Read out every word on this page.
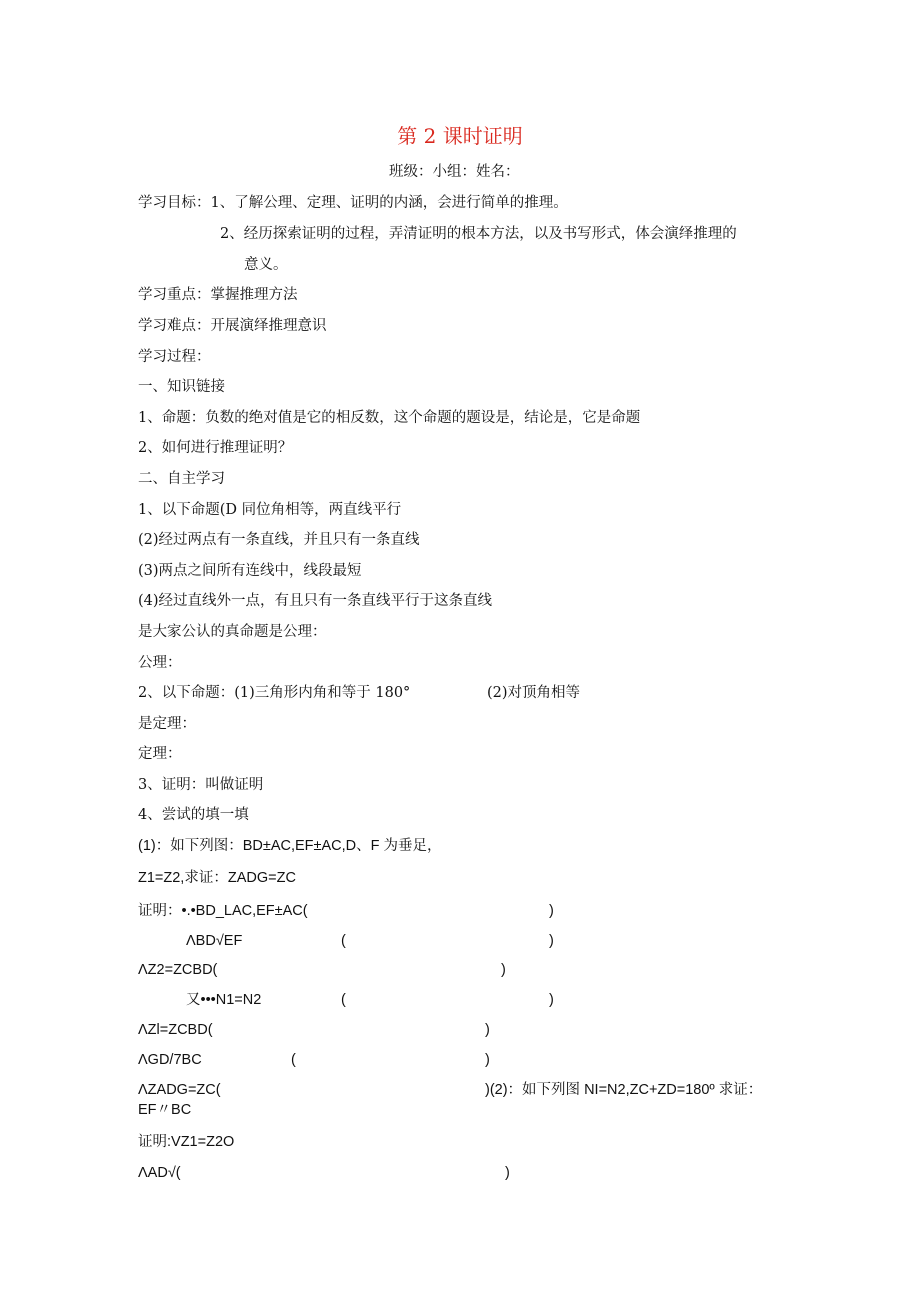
第 2 课时证明
班级：小组：姓名：
学习目标：1、了解公理、定理、证明的内涵，会进行简单的推理。
2、经历探索证明的过程，弄清证明的根本方法，以及书写形式，体会演绎推理的
意义。
学习重点：掌握推理方法
学习难点：开展演绎推理意识
学习过程：
一、知识链接
1、命题：负数的绝对值是它的相反数，这个命题的题设是，结论是，它是命题
2、如何进行推理证明？
二、自主学习
1、以下命题(D 同位角相等，两直线平行
(2)经过两点有一条直线，并且只有一条直线
(3)两点之间所有连线中，线段最短
(4)经过直线外一点，有且只有一条直线平行于这条直线
是大家公认的真命题是公理：
公理：
2、以下命题：(1)三角形内角和等于 180°	(2)对顶角相等
是定理：
定理：
3、证明：叫做证明
4、尝试的填一填
(1)：如下列图：BD±AC,EF±AC,D、F 为垂足，
Z1=Z2,求证：ZADG=ZC
证明：•.•BD_LAC,EF±AC(	)
ΛBD√EF	(	)
ΛZ2=ZCBD(	)
又•••N1=N2	(	)
ΛZl=ZCBD(	)
ΛGD/7BC	(	)
ΛZADG=ZC(	)(2)：如下列图 NI=N2,ZC+ZD=180º 求证：
EF〃BC
证明:VZ1=Z2O
ΛAD√(	)
